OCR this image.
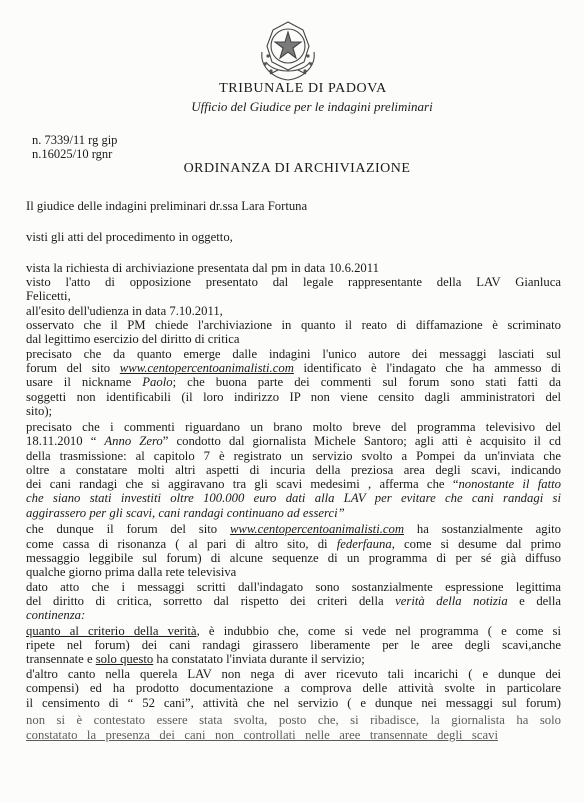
TRIBUNALE DI PADOVA
Ufficio del Giudice per le indagini preliminari
n. 7339/11 rg gip
n.16025/10 rgnr
ORDINANZA DI ARCHIVIAZIONE
Il giudice delle indagini preliminari dr.ssa Lara Fortuna
visti gli atti del procedimento in oggetto,
vista la richiesta di archiviazione presentata dal pm in data 10.6.2011
visto l'atto di opposizione presentato dal legale rappresentante della LAV Gianluca
Felicetti,
all'esito dell'udienza in data 7.10.2011,
osservato che il PM chiede l'archiviazione in quanto il reato di diffamazione è scriminato
dal legittimo esercizio del diritto di critica
precisato che da quanto emerge dalle indagini l'unico autore dei messaggi lasciati sul
forum del sito www.centopercentoanimalisti.com identificato è l'indagato che ha ammesso di
usare il nickname Paolo; che buona parte dei commenti sul forum sono stati fatti da
soggetti non identificabili (il loro indirizzo IP non viene censito dagli amministratori del
sito);
precisato che i commenti riguardano un brano molto breve del programma televisivo del
18.11.2010 “ Anno Zero” condotto dal giornalista Michele Santoro; agli atti è acquisito il cd
della trasmissione: al capitolo 7 è registrato un servizio svolto a Pompei da un'inviata che
oltre a constatare molti altri aspetti di incuria della preziosa area degli scavi, indicando
dei cani randagi che si aggiravano tra gli scavi medesimi , afferma che “nonostante il fatto
che siano stati investiti oltre 100.000 euro dati alla LAV per evitare che cani randagi si
aggirassero per gli scavi, cani randagi continuano ad esserci”
che dunque il forum del sito www.centopercentoanimalisti.com ha sostanzialmente agito
come cassa di risonanza ( al pari di altro sito, di federfauna, come si desume dal primo
messaggio leggibile sul forum) di alcune sequenze di un programma di per sé già diffuso
qualche giorno prima dalla rete televisiva
dato atto che i messaggi scritti dall'indagato sono sostanzialmente espressione legittima
del diritto di critica, sorretto dal rispetto dei criteri della verità della notizia e della
continenza:
quanto al criterio della verità, è indubbio che, come si vede nel programma ( e come si
ripete nel forum) dei cani randagi girassero liberamente per le aree degli scavi,anche
transennate e solo questo ha constatato l'inviata durante il servizio;
d'altro canto nella querela LAV non nega di aver ricevuto tali incarichi ( e dunque dei
compensi) ed ha prodotto documentazione a comprova delle attività svolte in particolare
il censimento di “ 52 cani”, attività che nel servizio ( e dunque nei messaggi sul forum)
non si è contestato essere stata svolta, posto che, si ribadisce, la giornalista ha solo
constatato la presenza dei cani non controllati nelle aree transennate degli scavi
